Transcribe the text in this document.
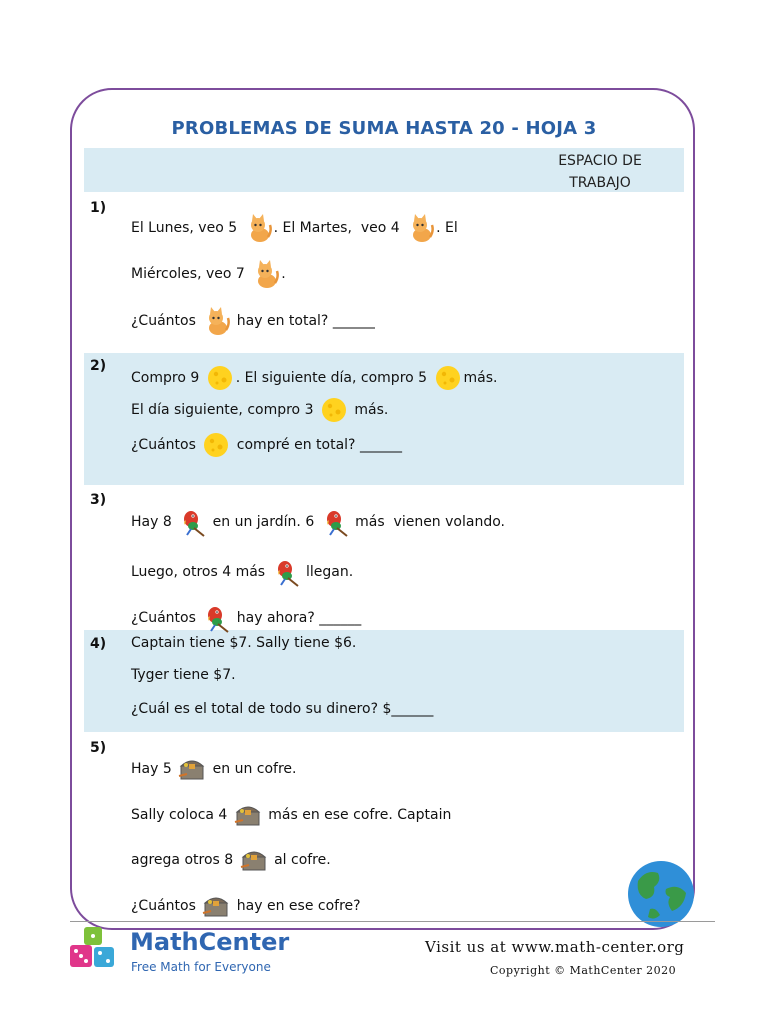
PROBLEMAS DE SUMA HASTA 20 - HOJA 3
ESPACIO DE
TRABAJO
1)
El Lunes, veo 5 . El Martes,  veo 4 . El
Miércoles, veo 7 .
¿Cuántos hay en total? ______
2)
Compro 9 . El siguiente día, compro 5 más.
El día siguiente, compro 3 más.
¿Cuántos compré en total? ______
3)
Hay 8 en un jardín. 6 más  vienen volando.
Luego, otros 4 más llegan.
¿Cuántos hay ahora? ______
4) Captain tiene $7. Sally tiene $6.
Tyger tiene $7.
¿Cuál es el total de todo su dinero? $ ______
5)
Hay 5 en un cofre.
Sally coloca 4 más en ese cofre. Captain
agrega otros 8 al cofre.
¿Cuántos hay en ese cofre?
MathCenter
Free Math for Everyone
Visit us at www.math-center.org
Copyright © MathCenter 2020
